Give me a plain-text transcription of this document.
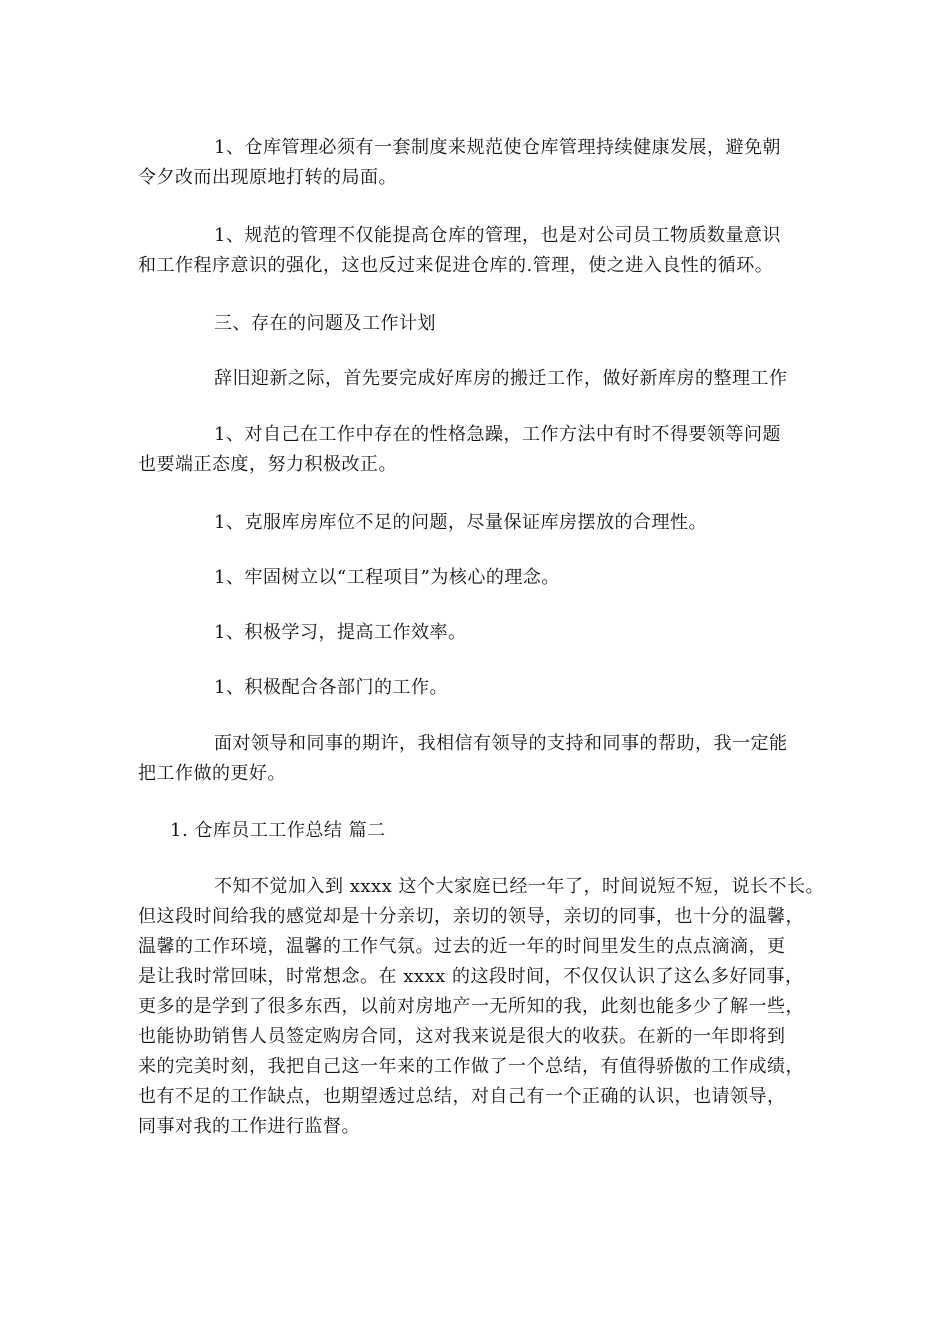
1、仓库管理必须有一套制度来规范使仓库管理持续健康发展，避免朝
令夕改而出现原地打转的局面。

1、规范的管理不仅能提高仓库的管理，也是对公司员工物质数量意识
和工作程序意识的强化，这也反过来促进仓库的.管理，使之进入良性的循环。

三、存在的问题及工作计划

辞旧迎新之际，首先要完成好库房的搬迁工作，做好新库房的整理工作

1、对自己在工作中存在的性格急躁，工作方法中有时不得要领等问题
也要端正态度，努力积极改正。

1、克服库房库位不足的问题，尽量保证库房摆放的合理性。

1、牢固树立以“工程项目”为核心的理念。

1、积极学习，提高工作效率。

1、积极配合各部门的工作。

面对领导和同事的期许，我相信有领导的支持和同事的帮助，我一定能
把工作做的更好。

1. 仓库员工工作总结 篇二

不知不觉加入到 xxxx 这个大家庭已经一年了，时间说短不短，说长不长。
但这段时间给我的感觉却是十分亲切，亲切的领导，亲切的同事，也十分的温馨，
温馨的工作环境，温馨的工作气氛。过去的近一年的时间里发生的点点滴滴，更
是让我时常回味，时常想念。在 xxxx 的这段时间，不仅仅认识了这么多好同事，
更多的是学到了很多东西，以前对房地产一无所知的我，此刻也能多少了解一些，
也能协助销售人员签定购房合同，这对我来说是很大的收获。在新的一年即将到
来的完美时刻，我把自己这一年来的工作做了一个总结，有值得骄傲的工作成绩，
也有不足的工作缺点，也期望透过总结，对自己有一个正确的认识，也请领导，
同事对我的工作进行监督。
